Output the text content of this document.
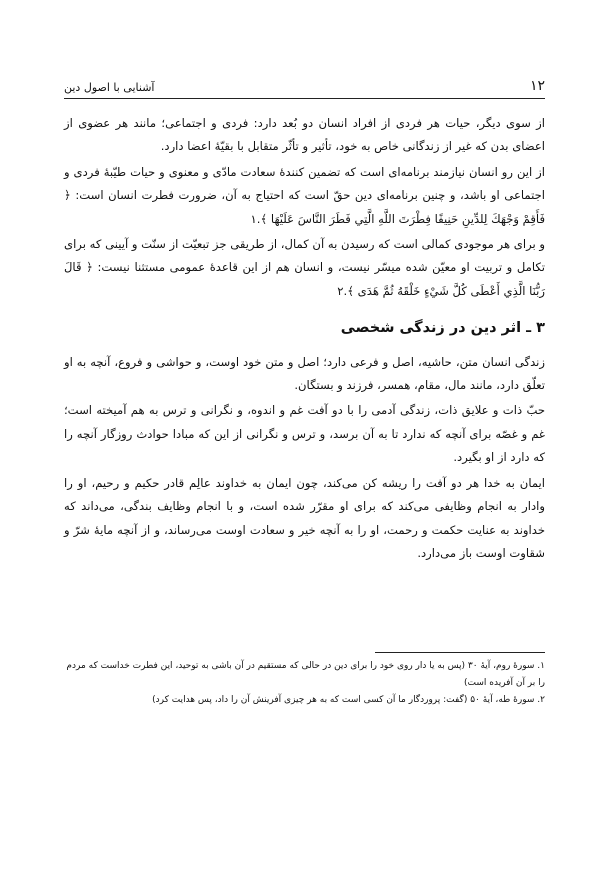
۱۲
آشنایی با اصول دین

از سوی دیگر، حیات هر فردی از افراد انسان دو بُعد دارد: فردی و اجتماعی؛ مانند هر عضوی از اعضای بدن که غیر از زندگانی خاص به خود، تأثیر و تأثّر متقابل با بقیّهٔ اعضا دارد.

از این رو انسان نیازمند برنامه‌ای است که تضمین کنندهٔ سعادت مادّی و معنوی و حیات طیّبهٔ فردی و اجتماعی او باشد، و چنین برنامه‌ای دین حقّ است که احتیاج به آن، ضرورت فطرت انسان است: ﴿ فَأَقِمْ وَجْهَكَ لِلدِّينِ حَنِيفًا فِطْرَتَ اللَّهِ الَّتِي فَطَرَ النَّاسَ عَلَيْهَا ﴾.۱

و برای هر موجودی کمالی است که رسیدن به آن کمال، از طریقی جز تبعیّت از سنّت و آیینی که برای تکامل و تربیت او معیّن شده میسّر نیست، و انسان هم از این قاعدهٔ عمومی مستثنا نیست: ﴿ قَالَ رَبُّنَا الَّذِي أَعْطَى كُلَّ شَيْءٍ خَلْقَهُ ثُمَّ هَدَى ﴾.۲

۳ ـ اثر دین در زندگی شخصی

زندگی انسان متن، حاشیه، اصل و فرعی دارد؛ اصل و متن خود اوست، و حواشی و فروع، آنچه به او تعلّق دارد، مانند مال، مقام، همسر، فرزند و بستگان.

حبّ ذات و علایق ذات، زندگی آدمی را با دو آفت غم و اندوه، و نگرانی و ترس به هم آمیخته است؛ غم و غصّه برای آنچه که ندارد تا به آن برسد، و ترس و نگرانی از این که مبادا حوادث روزگار آنچه را که دارد از او بگیرد.

ایمان به خدا هر دو آفت را ریشه کن می‌کند، چون ایمان به خداوند عالِم قادر حکیم و رحیم، او را وادار به انجام وظایفی می‌کند که برای او مقرّر شده است، و با انجام وظایف بندگی، می‌داند که خداوند به عنایت حکمت و رحمت، او را به آنچه خیر و سعادت اوست می‌رساند، و از آنچه مایهٔ شرّ و شقاوت اوست باز می‌دارد.

۱. سورهٔ روم، آیهٔ ۳۰ (پس به یا دار روی خود را برای دین در حالی که مستقیم در آن باشی به توحید، این فطرت خداست که مردم را بر آن آفریده است)

۲. سورهٔ طه، آیهٔ ۵۰ (گفت: پروردگار ما آن کسی است که به هر چیزی آفرینش آن را داد، پس هدایت کرد)
